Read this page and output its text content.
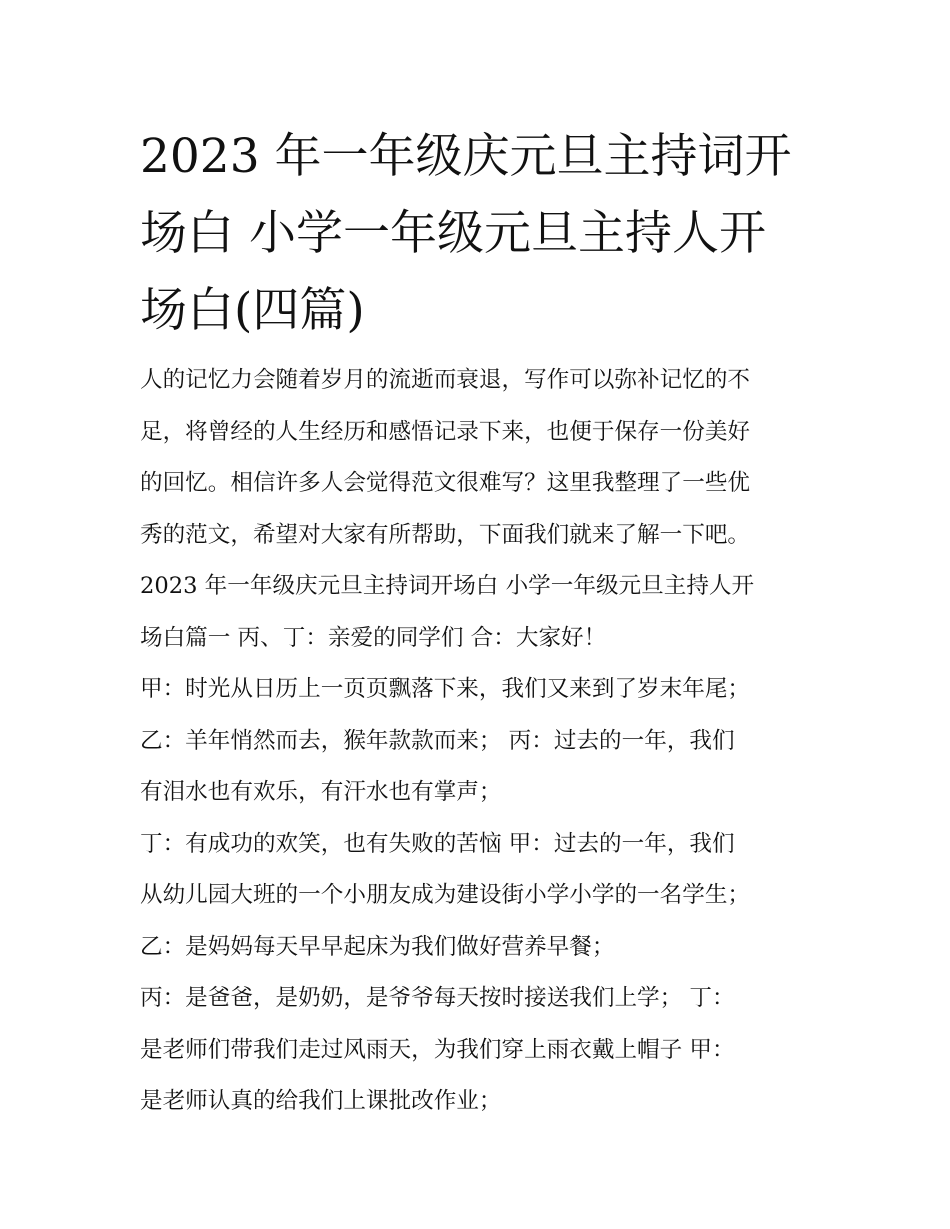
2023 年一年级庆元旦主持词开
场白 小学一年级元旦主持人开
场白(四篇)
人的记忆力会随着岁月的流逝而衰退，写作可以弥补记忆的不
足，将曾经的人生经历和感悟记录下来，也便于保存一份美好
的回忆。相信许多人会觉得范文很难写？这里我整理了一些优
秀的范文，希望对大家有所帮助，下面我们就来了解一下吧。
2023 年一年级庆元旦主持词开场白 小学一年级元旦主持人开
场白篇一 丙、丁：亲爱的同学们 合：大家好！
甲：时光从日历上一页页飘落下来，我们又来到了岁末年尾；
乙：羊年悄然而去，猴年款款而来； 丙：过去的一年，我们
有泪水也有欢乐，有汗水也有掌声；
丁：有成功的欢笑，也有失败的苦恼 甲：过去的一年，我们
从幼儿园大班的一个小朋友成为建设街小学小学的一名学生；
乙：是妈妈每天早早起床为我们做好营养早餐；
丙：是爸爸，是奶奶，是爷爷每天按时接送我们上学； 丁：
是老师们带我们走过风雨天，为我们穿上雨衣戴上帽子 甲：
是老师认真的给我们上课批改作业；
